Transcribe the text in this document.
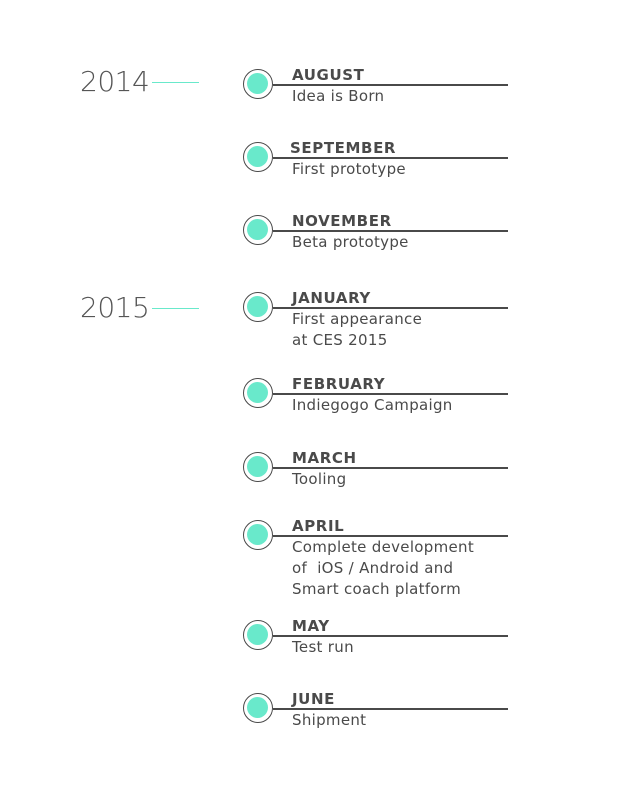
2014
2015
AUGUST
Idea is Born
SEPTEMBER
First prototype
NOVEMBER
Beta prototype
JANUARY
First appearance
at CES 2015
FEBRUARY
Indiegogo Campaign
MARCH
Tooling
APRIL
Complete development
of  iOS / Android and
Smart coach platform
MAY
Test run
JUNE
Shipment
